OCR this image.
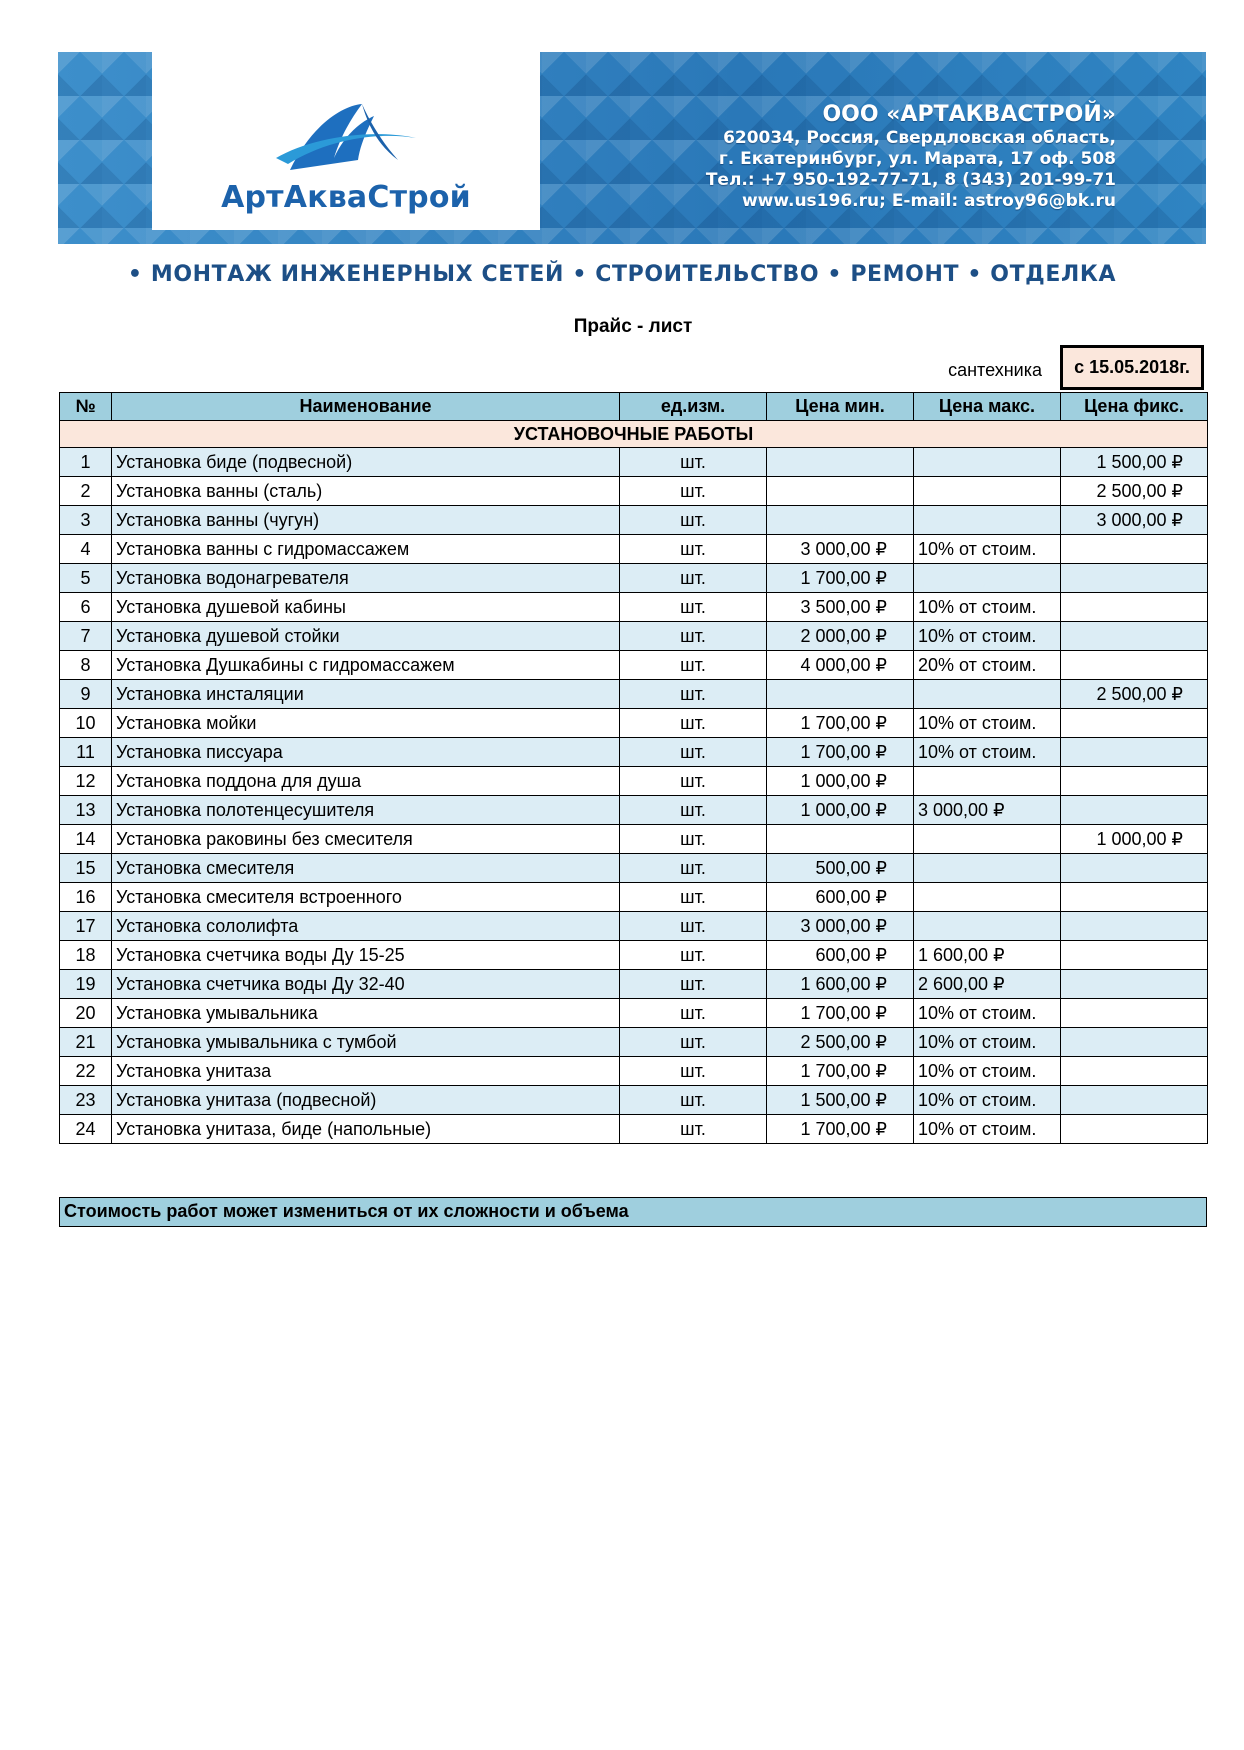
АртАкваСтрой
ООО «АРТАКВАСТРОЙ»
620034, Россия, Свердловская область,
г. Екатеринбург, ул. Марата, 17 оф. 508
Тел.: +7 950-192-77-71, 8 (343) 201-99-71
www.us196.ru; E-mail: astroy96@bk.ru
• МОНТАЖ ИНЖЕНЕРНЫХ СЕТЕЙ • СТРОИТЕЛЬСТВО • РЕМОНТ • ОТДЕЛКА
Прайс - лист
сантехника	с 15.05.2018г.
№	Наименование	ед.изм.	Цена мин.	Цена макс.	Цена фикс.
УСТАНОВОЧНЫЕ РАБОТЫ					
1	Установка биде (подвесной)	шт.			1 500,00 ₽
2	Установка ванны (сталь)	шт.			2 500,00 ₽
3	Установка ванны (чугун)	шт.			3 000,00 ₽
4	Установка ванны с гидромассажем	шт.	3 000,00 ₽	10% от стоим.	
5	Установка водонагревателя	шт.	1 700,00 ₽		
6	Установка душевой кабины	шт.	3 500,00 ₽	10% от стоим.	
7	Установка душевой стойки	шт.	2 000,00 ₽	10% от стоим.	
8	Установка Душкабины с гидромассажем	шт.	4 000,00 ₽	20% от стоим.	
9	Установка инсталяции	шт.			2 500,00 ₽
10	Установка мойки	шт.	1 700,00 ₽	10% от стоим.	
11	Установка писсуара	шт.	1 700,00 ₽	10% от стоим.	
12	Установка поддона для душа	шт.	1 000,00 ₽		
13	Установка полотенцесушителя	шт.	1 000,00 ₽	3 000,00 ₽	
14	Установка раковины без смесителя	шт.			1 000,00 ₽
15	Установка смесителя	шт.	500,00 ₽		
16	Установка смесителя встроенного	шт.	600,00 ₽		
17	Установка сололифта	шт.	3 000,00 ₽		
18	Установка счетчика воды Ду 15-25	шт.	600,00 ₽	1 600,00 ₽	
19	Установка счетчика воды Ду 32-40	шт.	1 600,00 ₽	2 600,00 ₽	
20	Установка умывальника	шт.	1 700,00 ₽	10% от стоим.	
21	Установка умывальника с тумбой	шт.	2 500,00 ₽	10% от стоим.	
22	Установка унитаза	шт.	1 700,00 ₽	10% от стоим.	
23	Установка унитаза (подвесной)	шт.	1 500,00 ₽	10% от стоим.	
24	Установка унитаза, биде (напольные)	шт.	1 700,00 ₽	10% от стоим.	
Стоимость работ может измениться от их сложности и объема
